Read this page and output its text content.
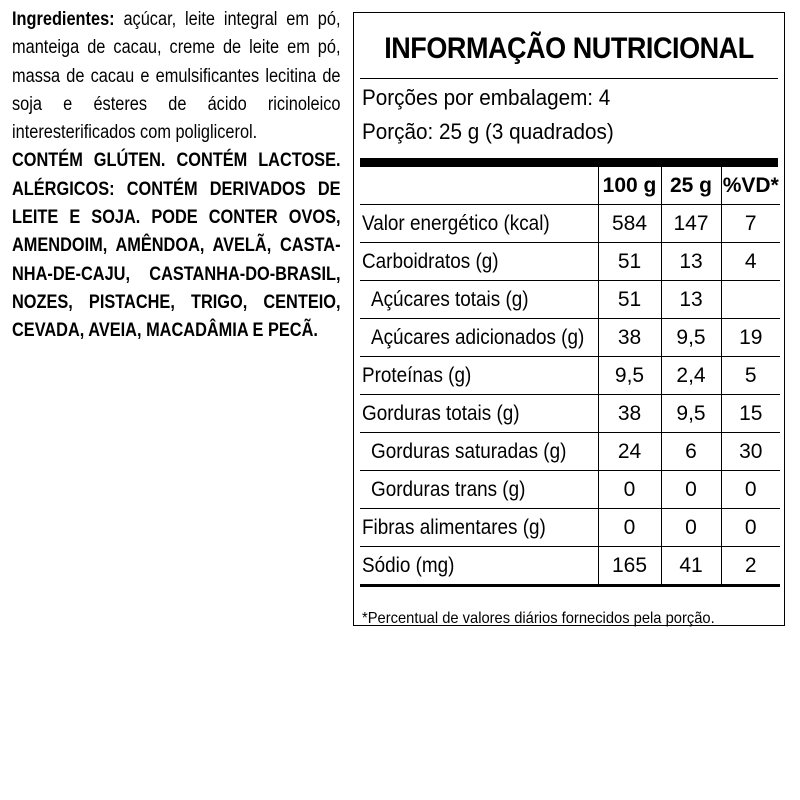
Ingredientes: açúcar, leite integral em pó, manteiga de cacau, creme de leite em pó, massa de cacau e emulsificantes lecitina de soja e ésteres de ácido ricinoleico interesterificados com poliglicerol.

CONTÉM GLÚTEN. CONTÉM LACTOSE. ALÉRGICOS: CONTÉM DERIVADOS DE LEITE E SOJA. PODE CONTER OVOS, AMENDOIM, AMÊNDOA, AVELÃ, CASTANHA-DE-CAJU, CASTANHA-DO-BRASIL, NOZES, PISTACHE, TRIGO, CENTEIO, CEVADA, AVEIA, MACADÂMIA E PECÃ.

INFORMAÇÃO NUTRICIONAL
Porções por embalagem: 4
Porção: 25 g (3 quadrados)
	100 g	25 g	%VD*
Valor energético (kcal)	584	147	7
Carboidratos (g)	51	13	4
Açúcares totais (g)	51	13	
Açúcares adicionados (g)	38	9,5	19
Proteínas (g)	9,5	2,4	5
Gorduras totais (g)	38	9,5	15
Gorduras saturadas (g)	24	6	30
Gorduras trans (g)	0	0	0
Fibras alimentares (g)	0	0	0
Sódio (mg)	165	41	2
*Percentual de valores diários fornecidos pela porção.
